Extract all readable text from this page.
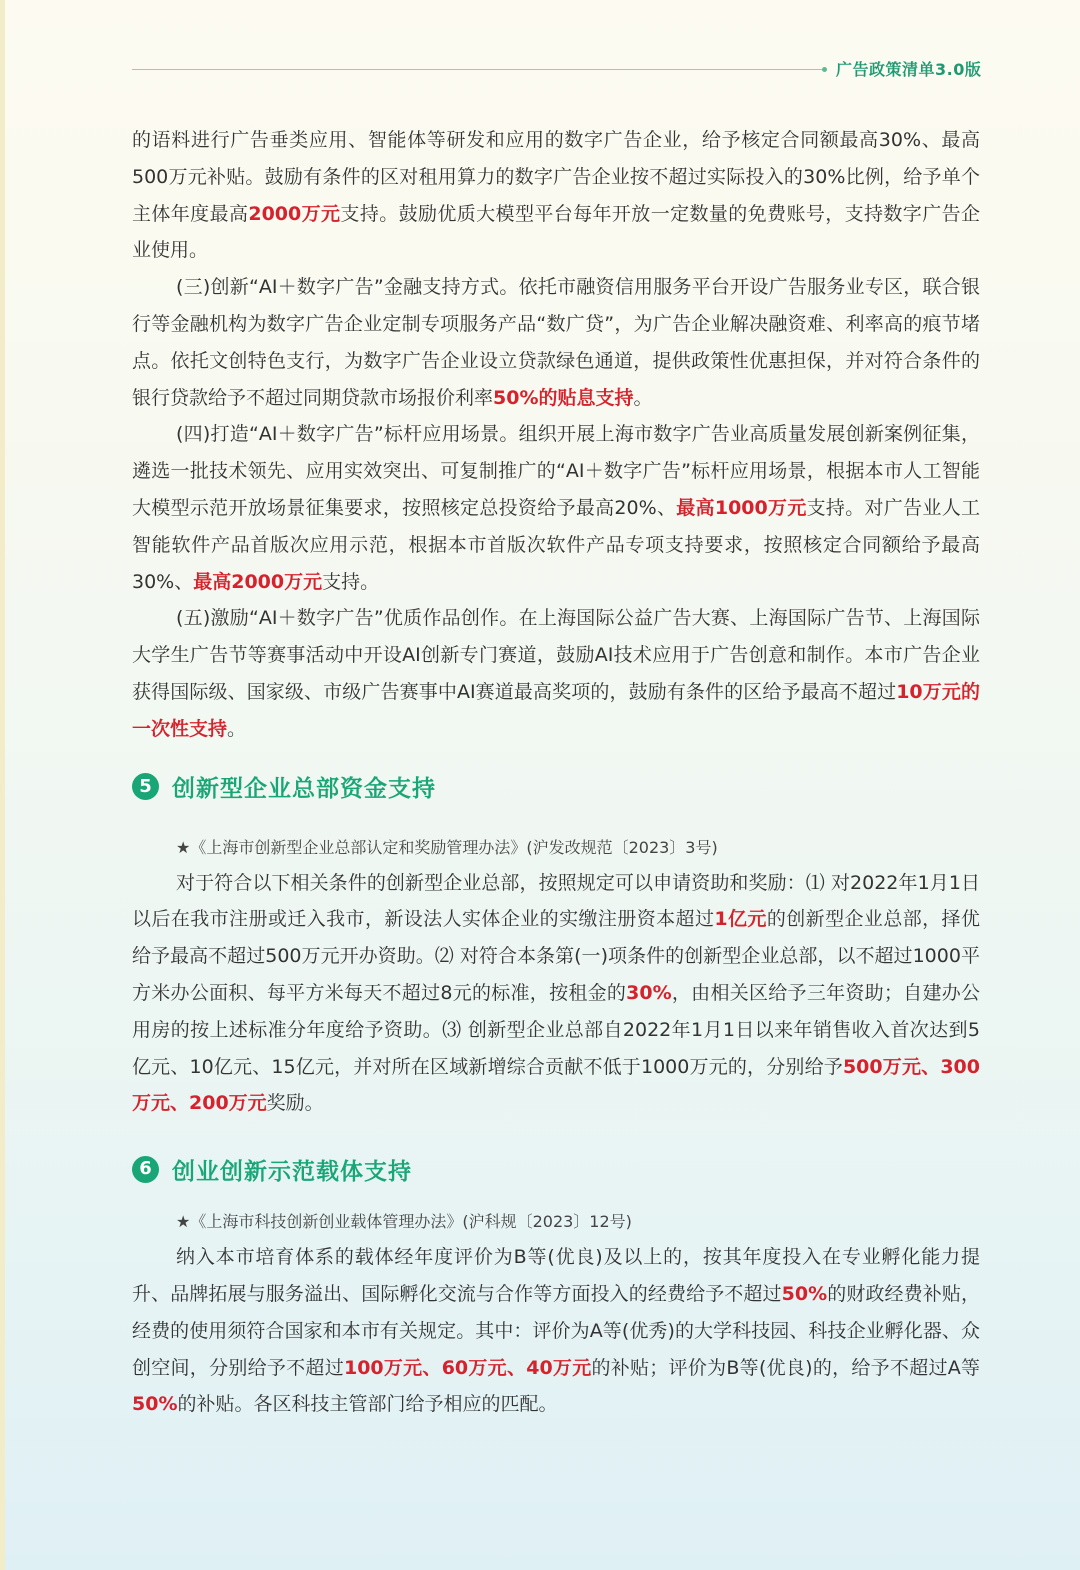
广告政策清单3.0版

的语料进行广告垂类应用、智能体等研发和应用的数字广告企业，给予核定合同额最高30%、最高500万元补贴。鼓励有条件的区对租用算力的数字广告企业按不超过实际投入的30%比例，给予单个主体年度最高2000万元支持。鼓励优质大模型平台每年开放一定数量的免费账号，支持数字广告企业使用。

(三)创新“AI＋数字广告”金融支持方式。依托市融资信用服务平台开设广告服务业专区，联合银行等金融机构为数字广告企业定制专项服务产品“数广贷”，为广告企业解决融资难、利率高的痕节堵点。依托文创特色支行，为数字广告企业设立贷款绿色通道，提供政策性优惠担保，并对符合条件的银行贷款给予不超过同期贷款市场报价利率50%的贴息支持。

(四)打造“AI＋数字广告”标杆应用场景。组织开展上海市数字广告业高质量发展创新案例征集，遴选一批技术领先、应用实效突出、可复制推广的“AI＋数字广告”标杆应用场景，根据本市人工智能大模型示范开放场景征集要求，按照核定总投资给予最高20%、最高1000万元支持。对广告业人工智能软件产品首版次应用示范，根据本市首版次软件产品专项支持要求，按照核定合同额给予最高30%、最高2000万元支持。

(五)激励“AI＋数字广告”优质作品创作。在上海国际公益广告大赛、上海国际广告节、上海国际大学生广告节等赛事活动中开设AI创新专门赛道，鼓励AI技术应用于广告创意和制作。本市广告企业获得国际级、国家级、市级广告赛事中AI赛道最高奖项的，鼓励有条件的区给予最高不超过10万元的一次性支持。

5 创新型企业总部资金支持

★《上海市创新型企业总部认定和奖励管理办法》(沪发改规范〔2023〕3号)

对于符合以下相关条件的创新型企业总部，按照规定可以申请资助和奖励：⑴ 对2022年1月1日以后在我市注册或迁入我市，新设法人实体企业的实缴注册资本超过1亿元的创新型企业总部，择优给予最高不超过500万元开办资助。⑵ 对符合本条第(一)项条件的创新型企业总部，以不超过1000平方米办公面积、每平方米每天不超过8元的标准，按租金的30%，由相关区给予三年资助；自建办公用房的按上述标准分年度给予资助。⑶ 创新型企业总部自2022年1月1日以来年销售收入首次达到5亿元、10亿元、15亿元，并对所在区域新增综合贡献不低于1000万元的，分别给予500万元、300万元、200万元奖励。

6 创业创新示范载体支持

★《上海市科技创新创业载体管理办法》(沪科规〔2023〕12号)

纳入本市培育体系的载体经年度评价为B等(优良)及以上的，按其年度投入在专业孵化能力提升、品牌拓展与服务溢出、国际孵化交流与合作等方面投入的经费给予不超过50%的财政经费补贴，经费的使用须符合国家和本市有关规定。其中：评价为A等(优秀)的大学科技园、科技企业孵化器、众创空间，分别给予不超过100万元、60万元、40万元的补贴；评价为B等(优良)的，给予不超过A等50%的补贴。各区科技主管部门给予相应的匹配。
